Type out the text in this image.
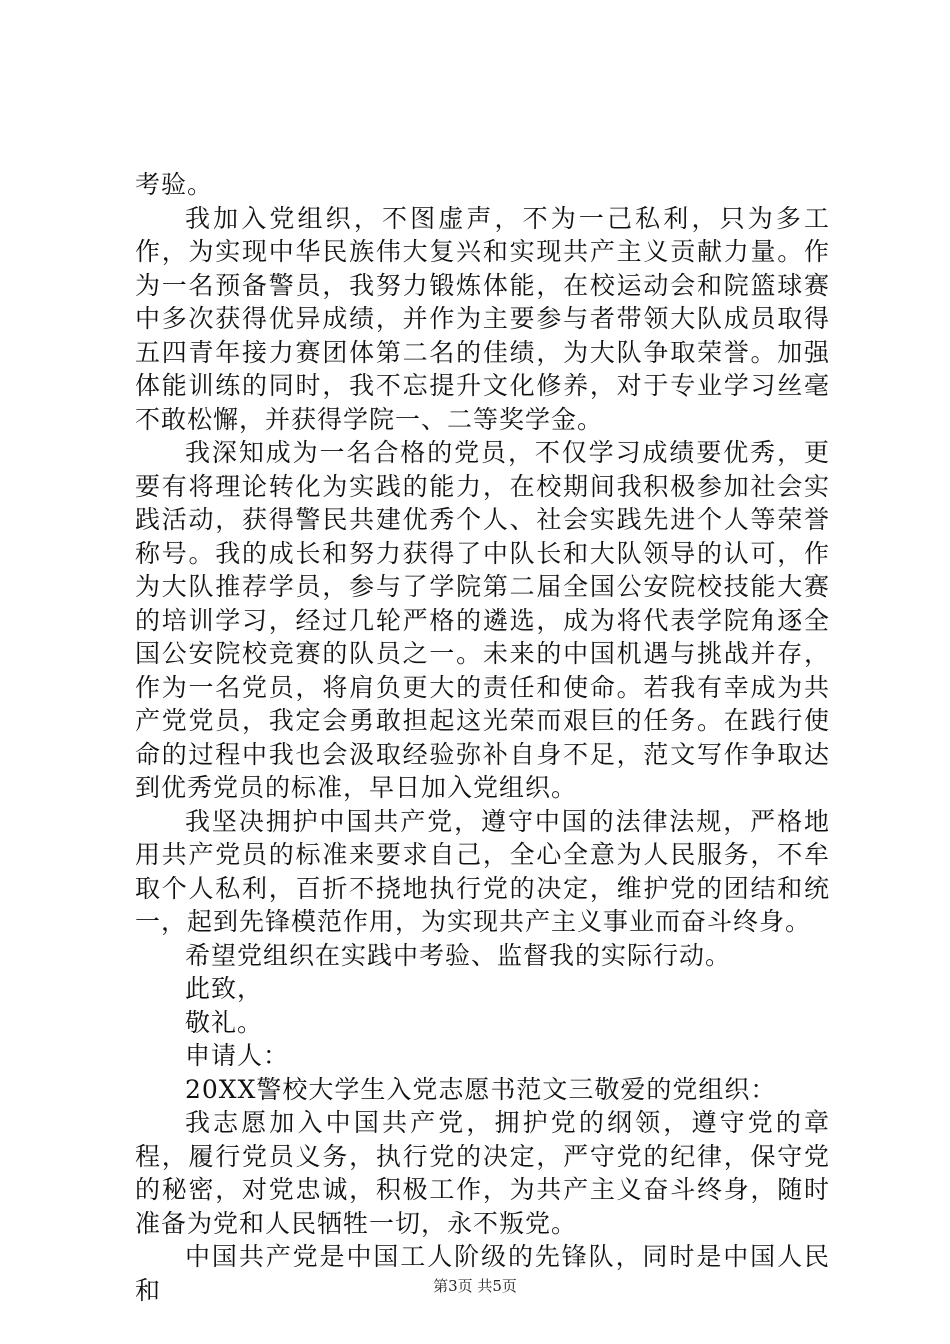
考验。

我加入党组织，不图虚声，不为一己私利，只为多工作，为实现中华民族伟大复兴和实现共产主义贡献力量。作为一名预备警员，我努力锻炼体能，在校运动会和院篮球赛中多次获得优异成绩，并作为主要参与者带领大队成员取得五四青年接力赛团体第二名的佳绩，为大队争取荣誉。加强体能训练的同时，我不忘提升文化修养，对于专业学习丝毫不敢松懈，并获得学院一、二等奖学金。

我深知成为一名合格的党员，不仅学习成绩要优秀，更要有将理论转化为实践的能力，在校期间我积极参加社会实践活动，获得警民共建优秀个人、社会实践先进个人等荣誉称号。我的成长和努力获得了中队长和大队领导的认可，作为大队推荐学员，参与了学院第二届全国公安院校技能大赛的培训学习，经过几轮严格的遴选，成为将代表学院角逐全国公安院校竞赛的队员之一。未来的中国机遇与挑战并存，作为一名党员，将肩负更大的责任和使命。若我有幸成为共产党党员，我定会勇敢担起这光荣而艰巨的任务。在践行使命的过程中我也会汲取经验弥补自身不足，范文写作争取达到优秀党员的标准，早日加入党组织。

我坚决拥护中国共产党，遵守中国的法律法规，严格地用共产党员的标准来要求自己，全心全意为人民服务，不牟取个人私利，百折不挠地执行党的决定，维护党的团结和统一，起到先锋模范作用，为实现共产主义事业而奋斗终身。

希望党组织在实践中考验、监督我的实际行动。

此致，

敬礼。

申请人：

20XX警校大学生入党志愿书范文三敬爱的党组织：

我志愿加入中国共产党，拥护党的纲领，遵守党的章程，履行党员义务，执行党的决定，严守党的纪律，保守党的秘密，对党忠诚，积极工作，为共产主义奋斗终身，随时准备为党和人民牺牲一切，永不叛党。

中国共产党是中国工人阶级的先锋队，同时是中国人民和	第3页 共5页
